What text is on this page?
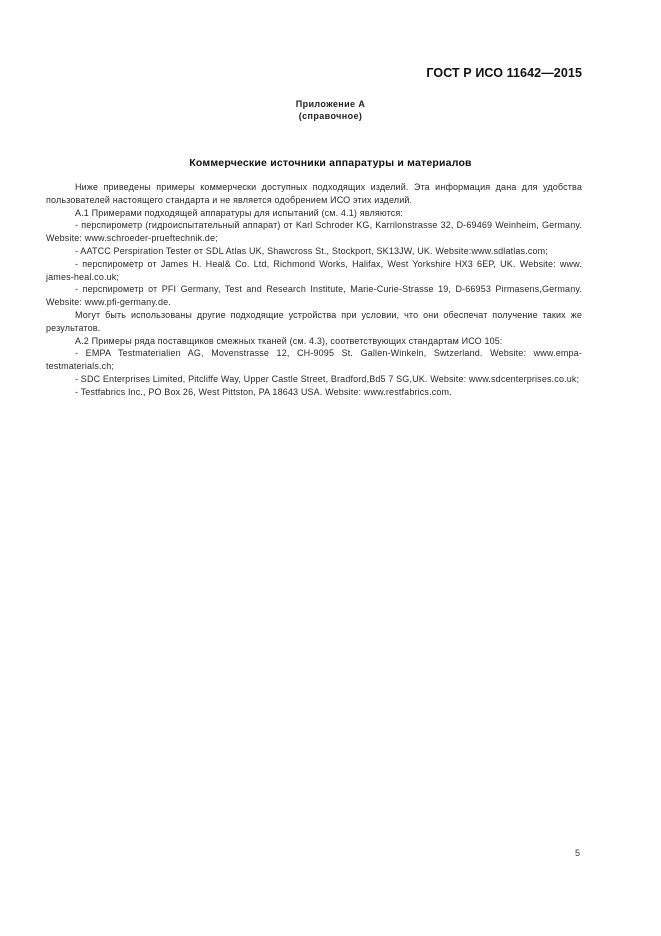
ГОСТ Р ИСО 11642—2015
Приложение А
(справочное)
Коммерческие источники аппаратуры и материалов

Ниже приведены примеры коммерчески доступных подходящих изделий. Эта информация дана для удобства пользователей настоящего стандарта и не является одобрением ИСО этих изделий.

А.1 Примерами подходящей аппаратуры для испытаний (см. 4.1) являются:

- перспирометр (гидроиспытательный аппарат) от Karl Schroder KG, Karrilonstrasse 32, D-69469 Weinheim, Germany. Website: www.schroeder-prueftechnik.de;

- AATCC Perspiration Tester от SDL Atlas UK, Shawcross St., Stockport, SK13JW, UK. Website:www.sdlatlas.com;

- перспирометр от James H. Heal& Co. Ltd, Richmond Works, Halifax, West Yorkshire HX3 6EP, UK. Website: www. james-heal.co.uk;

- перспирометр от PFI Germany, Test and Research Institute, Marie-Curie-Strasse 19, D-66953 Pirmasens,Germany. Website: www.pfi-germany.de.

Могут быть использованы другие подходящие устройства при условии, что они обеспечат получение таких же результатов.

А.2 Примеры ряда поставщиков смежных тканей (см. 4.3), соответствующих стандартам ИСО 105:

- EMPA Testmaterialien AG, Movenstrasse 12, CH-9095 St. Gallen-Winkeln, Swtzerland. Website: www.empa-testmaterials.ch;

- SDC Enterprises Limited, Pitcliffe Way, Upper Castle Street, Bradford,Bd5 7 SG,UK. Website: www.sdcenterprises.co.uk;

- Testfabrics Inc., PO Box 26, West Pittston, PA 18643 USA. Website: www.restfabrics.com.

5
